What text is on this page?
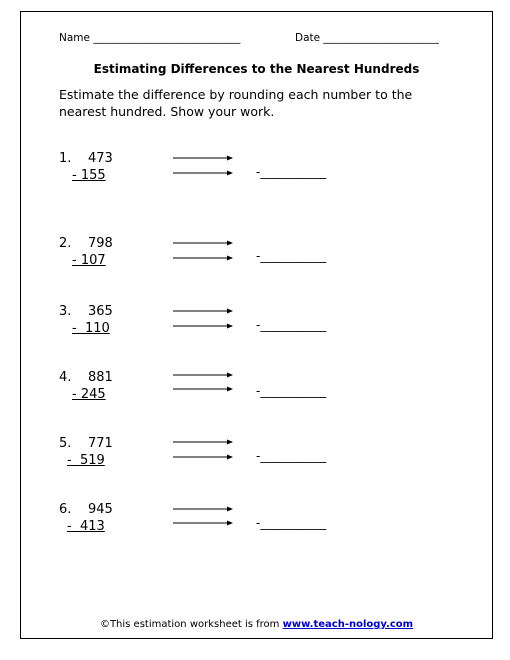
Name ____________________________	Date ______________________
Estimating Differences to the Nearest Hundreds
Estimate the difference by rounding each number to the nearest hundred. Show your work.
1. 473
- 155	-___________
2. 798
- 107	-___________
3. 365
-  110	-___________
4. 881
- 245	-___________
5. 771
-  519	-___________
6. 945
-  413	-___________
©This estimation worksheet is from www.teach-nology.com
